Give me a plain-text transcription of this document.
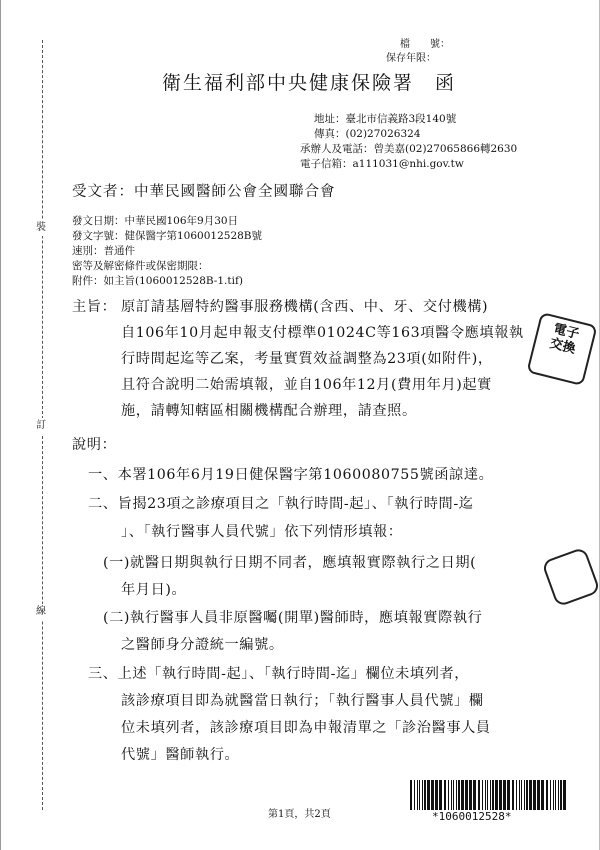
裝
訂
線
檔　　號：
保存年限：
衛生福利部中央健康保險署　函
地址：臺北市信義路3段140號
傳真：(02)27026324
承辦人及電話：曾美嘉(02)27065866轉2630
電子信箱：a111031@nhi.gov.tw
受文者：中華民國醫師公會全國聯合會
發文日期：中華民國106年9月30日
發文字號：健保醫字第1060012528B號
速別：普通件
密等及解密條件或保密期限：
附件：如主旨(1060012528B-1.tif)
主旨： 原訂請基層特約醫事服務機構(含西、中、牙、交付機構)
自106年10月起申報支付標準01024C等163項醫令應填報執
行時間起迄等乙案，考量實質效益調整為23項(如附件)，
且符合說明二始需填報，並自106年12月(費用年月)起實
施，請轉知轄區相關機構配合辦理，請查照。
說明：
一、本署106年6月19日健保醫字第1060080755號函諒達。
二、旨揭23項之診療項目之「執行時間-起」、「執行時間-迄
」、「執行醫事人員代號」依下列情形填報：
(一)就醫日期與執行日期不同者，應填報實際執行之日期(
年月日)。
(二)執行醫事人員非原醫囑(開單)醫師時，應填報實際執行
之醫師身分證統一編號。
三、上述「執行時間-起」、「執行時間-迄」欄位未填列者，
該診療項目即為就醫當日執行；「執行醫事人員代號」欄
位未填列者，該診療項目即為申報清單之「診治醫事人員
代號」醫師執行。
電子
交換
第1頁，共2頁	*1060012528*
